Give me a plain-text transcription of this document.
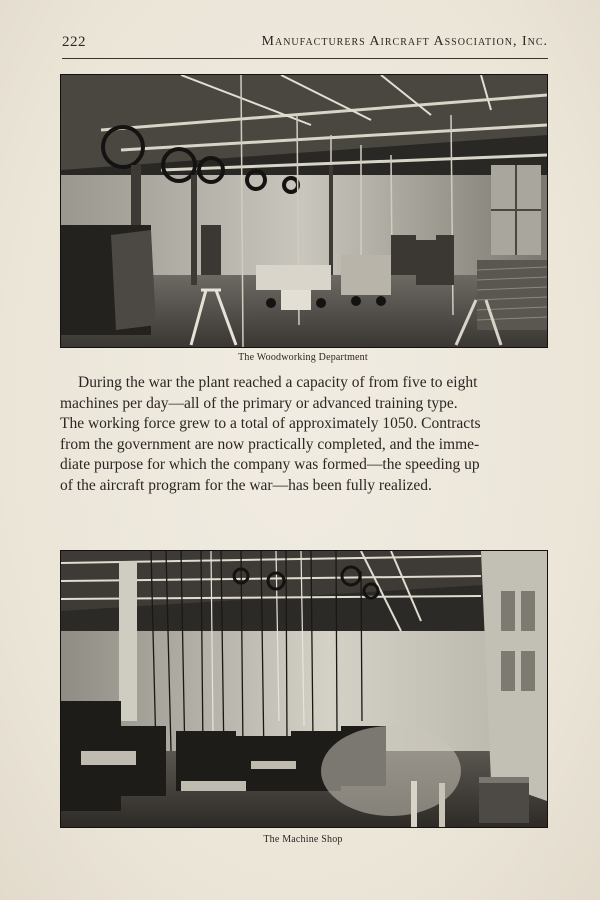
222	Manufacturers Aircraft Association, Inc.
The Woodworking Department
During the war the plant reached a capacity of from five to eight
machines per day—all of the primary or advanced training type.
The working force grew to a total of approximately 1050. Contracts
from the government are now practically completed, and the imme-
diate purpose for which the company was formed—the speeding up
of the aircraft program for the war—has been fully realized.
The Machine Shop
